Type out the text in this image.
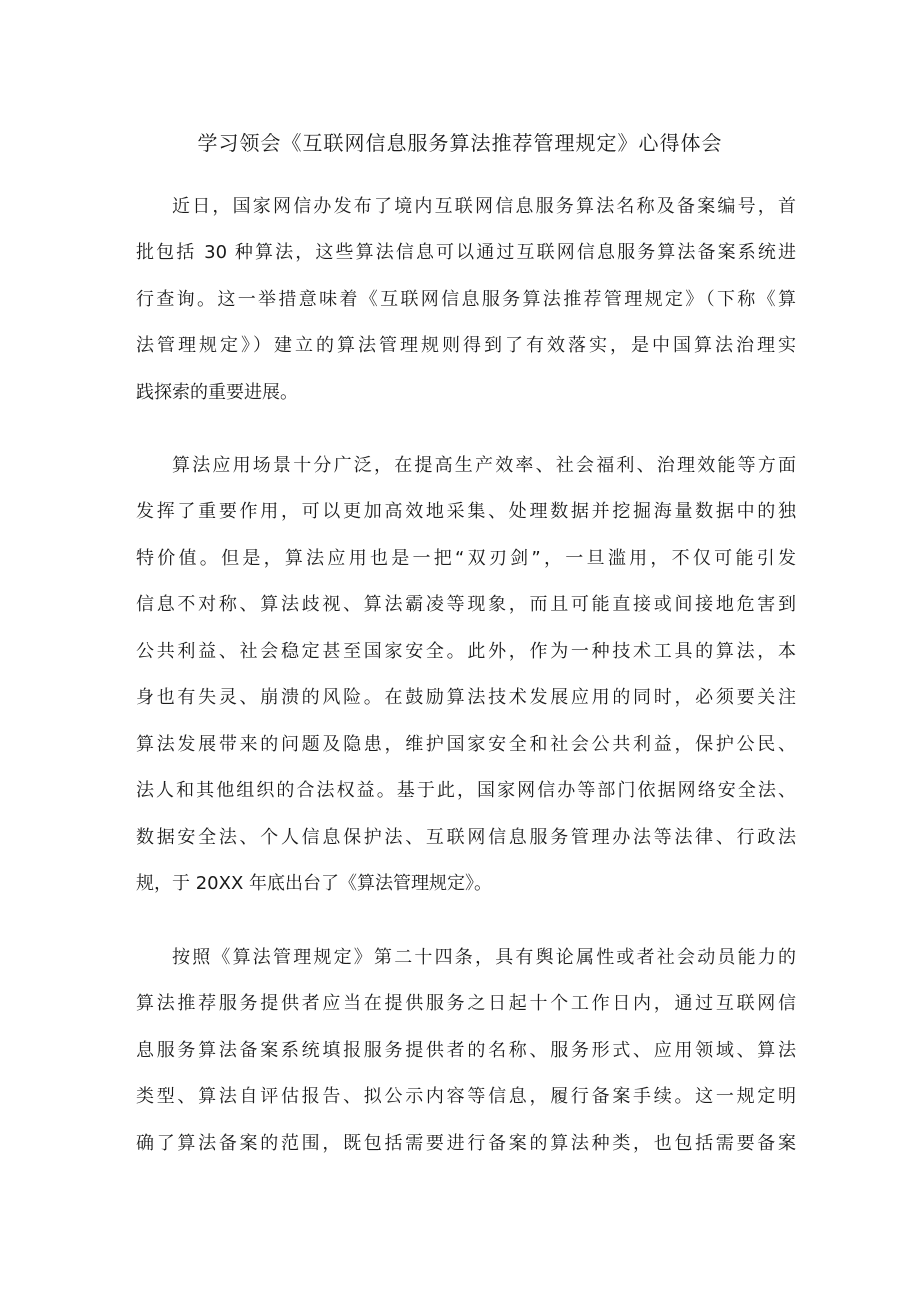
学习领会《互联网信息服务算法推荐管理规定》心得体会
近日，国家网信办发布了境内互联网信息服务算法名称及备案编号，首
批包括 30 种算法，这些算法信息可以通过互联网信息服务算法备案系统进
行查询。这一举措意味着《互联网信息服务算法推荐管理规定》（下称《算
法管理规定》）建立的算法管理规则得到了有效落实，是中国算法治理实
践探索的重要进展。
算法应用场景十分广泛，在提高生产效率、社会福利、治理效能等方面
发挥了重要作用，可以更加高效地采集、处理数据并挖掘海量数据中的独
特价值。但是，算法应用也是一把“双刃剑”，一旦滥用，不仅可能引发
信息不对称、算法歧视、算法霸凌等现象，而且可能直接或间接地危害到
公共利益、社会稳定甚至国家安全。此外，作为一种技术工具的算法，本
身也有失灵、崩溃的风险。在鼓励算法技术发展应用的同时，必须要关注
算法发展带来的问题及隐患，维护国家安全和社会公共利益，保护公民、
法人和其他组织的合法权益。基于此，国家网信办等部门依据网络安全法、
数据安全法、个人信息保护法、互联网信息服务管理办法等法律、行政法
规，于 20XX 年底出台了《算法管理规定》。
按照《算法管理规定》第二十四条，具有舆论属性或者社会动员能力的
算法推荐服务提供者应当在提供服务之日起十个工作日内，通过互联网信
息服务算法备案系统填报服务提供者的名称、服务形式、应用领域、算法
类型、算法自评估报告、拟公示内容等信息，履行备案手续。这一规定明
确了算法备案的范围，既包括需要进行备案的算法种类，也包括需要备案
